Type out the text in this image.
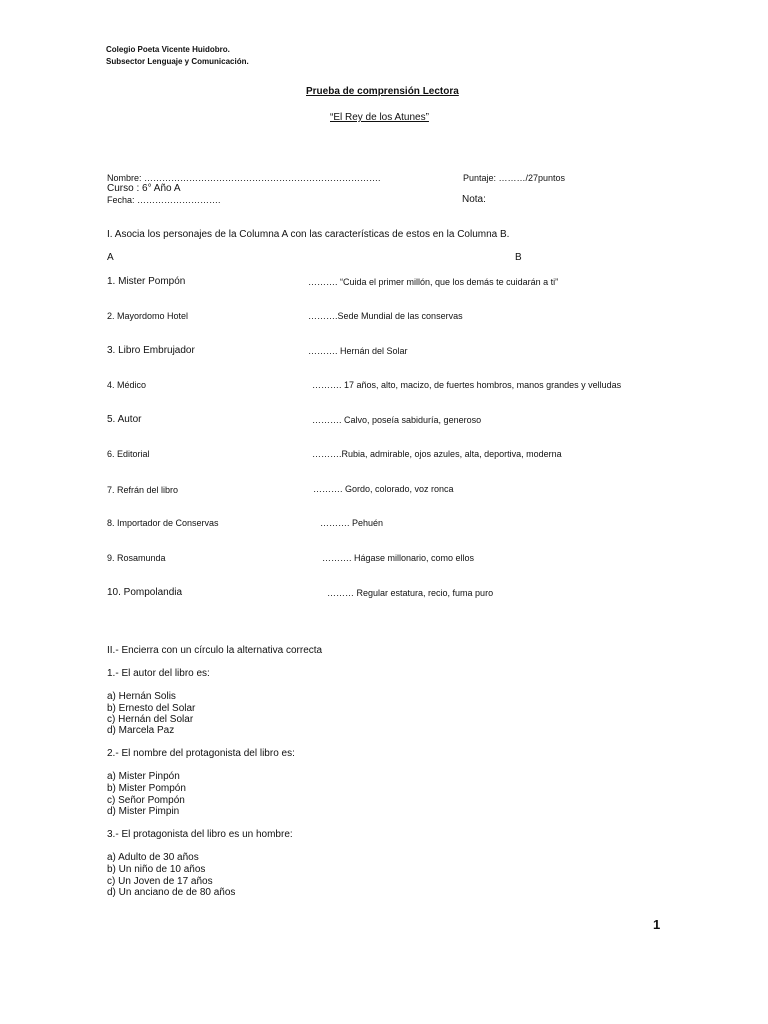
Colegio Poeta Vicente Huidobro.
Subsector Lenguaje y Comunicación.
Prueba de comprensión Lectora
“El Rey de los Atunes”
Nombre: …………………………………………………………………….	Puntaje: ………/27puntos
Curso : 6° Año A
Fecha: ……………………….	Nota:
I. Asocia los personajes de la Columna A con las características de estos en la Columna B.
A	B
1. Mister Pompón	………. “Cuida el primer millón, que los demás te cuidarán a ti”
2. Mayordomo Hotel	……….Sede Mundial de las conservas
3. Libro Embrujador	………. Hernán del Solar
4. Médico	………. 17 años, alto, macizo, de fuertes hombros, manos grandes y velludas
5. Autor	………. Calvo, poseía sabiduría, generoso
6. Editorial	……….Rubia, admirable, ojos azules, alta, deportiva, moderna
7. Refrán del libro	………. Gordo, colorado, voz ronca
8. Importador de Conservas	………. Pehuén
9. Rosamunda	………. Hágase millonario, como ellos
10. Pompolandia	……… Regular estatura, recio, fuma puro
II.- Encierra con un círculo la alternativa correcta
1.- El autor del libro es:
a) Hernán Solis
b) Ernesto del Solar
c) Hernán del Solar
d) Marcela Paz
2.- El nombre del protagonista del libro es:
a) Mister Pinpón
b) Mister Pompón
c) Señor Pompón
d) Mister Pimpin
3.- El protagonista del libro es un hombre:
a) Adulto de 30 años
b) Un niño de 10 años
c) Un Joven de 17 años
d) Un anciano de de 80 años
1
